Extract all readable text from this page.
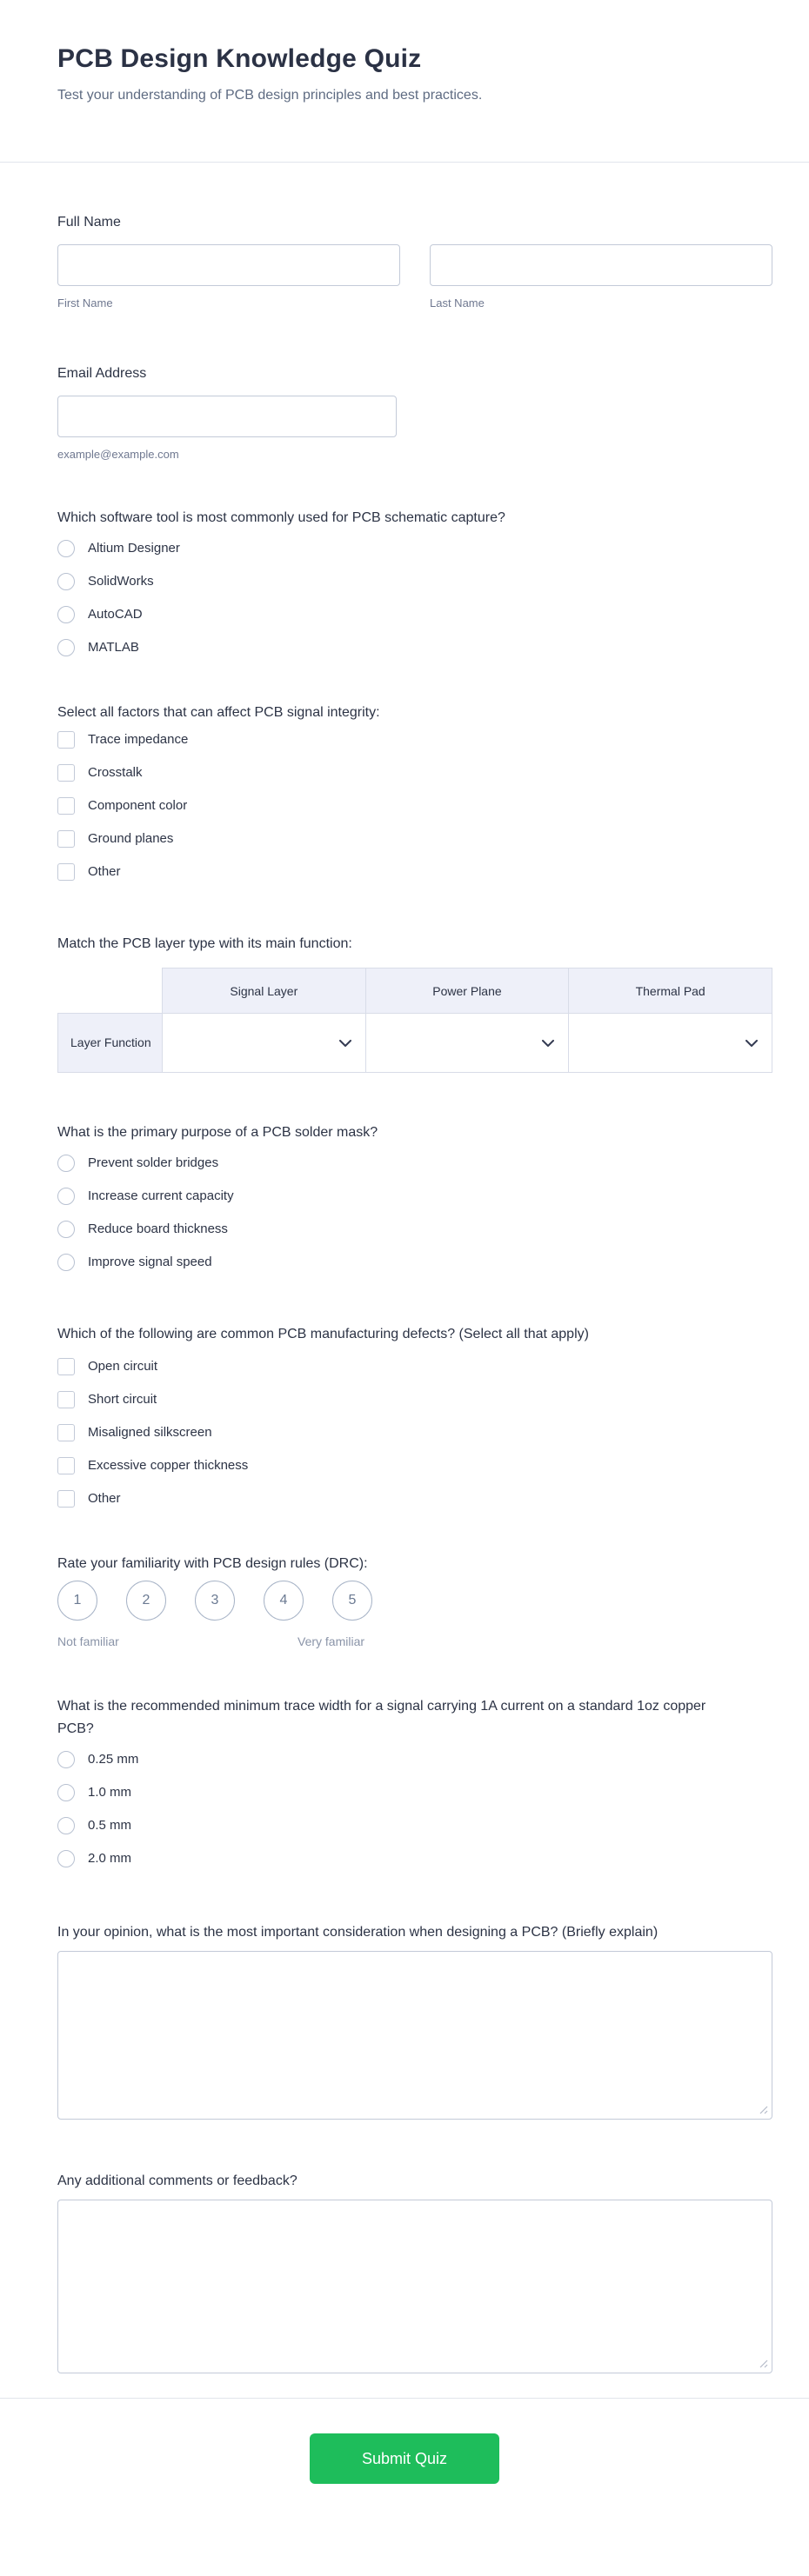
PCB Design Knowledge Quiz
Test your understanding of PCB design principles and best practices.
Full Name
First Name	Last Name
Email Address
example@example.com
Which software tool is most commonly used for PCB schematic capture?
Altium Designer
SolidWorks
AutoCAD
MATLAB
Select all factors that can affect PCB signal integrity:
Trace impedance
Crosstalk
Component color
Ground planes
Other
Match the PCB layer type with its main function:
	Signal Layer	Power Plane	Thermal Pad
Layer Function	

What is the primary purpose of a PCB solder mask?
Prevent solder bridges
Increase current capacity
Reduce board thickness
Improve signal speed
Which of the following are common PCB manufacturing defects? (Select all that apply)
Open circuit
Short circuit
Misaligned silkscreen
Excessive copper thickness
Other
Rate your familiarity with PCB design rules (DRC):
1	2	3	4	5
Not familiar	Very familiar
What is the recommended minimum trace width for a signal carrying 1A current on a standard 1oz copper PCB?
0.25 mm
1.0 mm
0.5 mm
2.0 mm
In your opinion, what is the most important consideration when designing a PCB? (Briefly explain)
Any additional comments or feedback?
Submit Quiz
